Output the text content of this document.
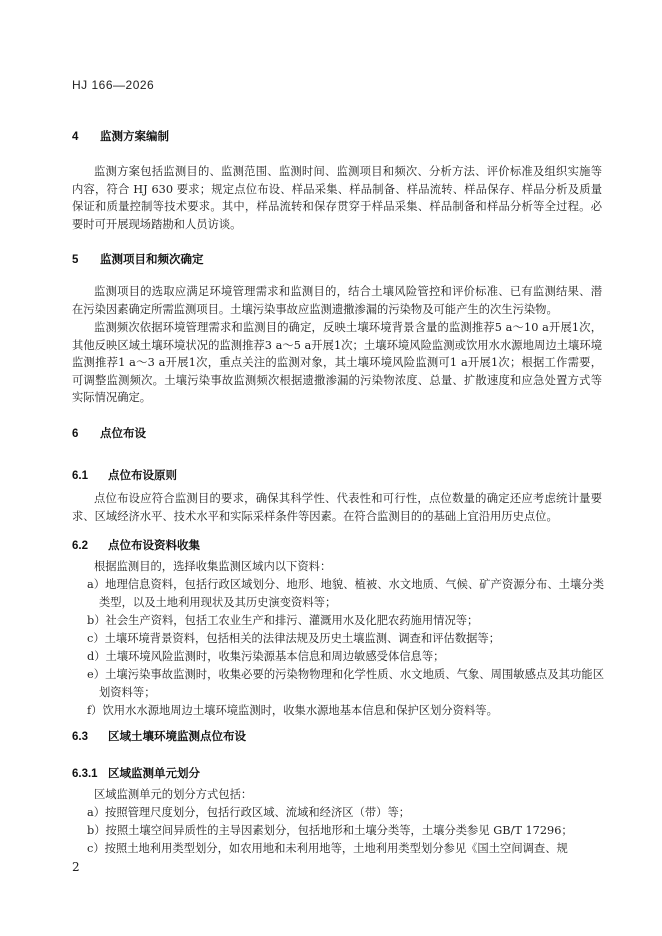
HJ 166—2026
4 监测方案编制
监测方案包括监测目的、监测范围、监测时间、监测项目和频次、分析方法、评价标准及组织实施等内容，符合 HJ 630 要求；规定点位布设、样品采集、样品制备、样品流转、样品保存、样品分析及质量保证和质量控制等技术要求。其中，样品流转和保存贯穿于样品采集、样品制备和样品分析等全过程。必要时可开展现场踏勘和人员访谈。
5 监测项目和频次确定
监测项目的选取应满足环境管理需求和监测目的，结合土壤风险管控和评价标准、已有监测结果、潜在污染因素确定所需监测项目。土壤污染事故应监测遗撒渗漏的污染物及可能产生的次生污染物。
监测频次依据环境管理需求和监测目的确定，反映土壤环境背景含量的监测推荐5 a～10 a开展1次，其他反映区域土壤环境状况的监测推荐3 a～5 a开展1次；土壤环境风险监测或饮用水水源地周边土壤环境监测推荐1 a～3 a开展1次，重点关注的监测对象，其土壤环境风险监测可1 a开展1次；根据工作需要，可调整监测频次。土壤污染事故监测频次根据遗撒渗漏的污染物浓度、总量、扩散速度和应急处置方式等实际情况确定。
6 点位布设
6.1 点位布设原则
点位布设应符合监测目的要求，确保其科学性、代表性和可行性，点位数量的确定还应考虑统计量要求、区域经济水平、技术水平和实际采样条件等因素。在符合监测目的的基础上宜沿用历史点位。
6.2 点位布设资料收集
根据监测目的，选择收集监测区域内以下资料：
a）地理信息资料，包括行政区域划分、地形、地貌、植被、水文地质、气候、矿产资源分布、土壤分类类型，以及土地利用现状及其历史演变资料等；
b）社会生产资料，包括工农业生产和排污、灌溉用水及化肥农药施用情况等；
c）土壤环境背景资料，包括相关的法律法规及历史土壤监测、调查和评估数据等；
d）土壤环境风险监测时，收集污染源基本信息和周边敏感受体信息等；
e）土壤污染事故监测时，收集必要的污染物物理和化学性质、水文地质、气象、周围敏感点及其功能区划资料等；
f）饮用水水源地周边土壤环境监测时，收集水源地基本信息和保护区划分资料等。
6.3 区域土壤环境监测点位布设
6.3.1 区域监测单元划分
区域监测单元的划分方式包括：
a）按照管理尺度划分，包括行政区域、流域和经济区（带）等；
b）按照土壤空间异质性的主导因素划分，包括地形和土壤分类等，土壤分类参见 GB/T 17296；
c）按照土地利用类型划分，如农用地和未利用地等，土地利用类型划分参见《国土空间调查、规
2
